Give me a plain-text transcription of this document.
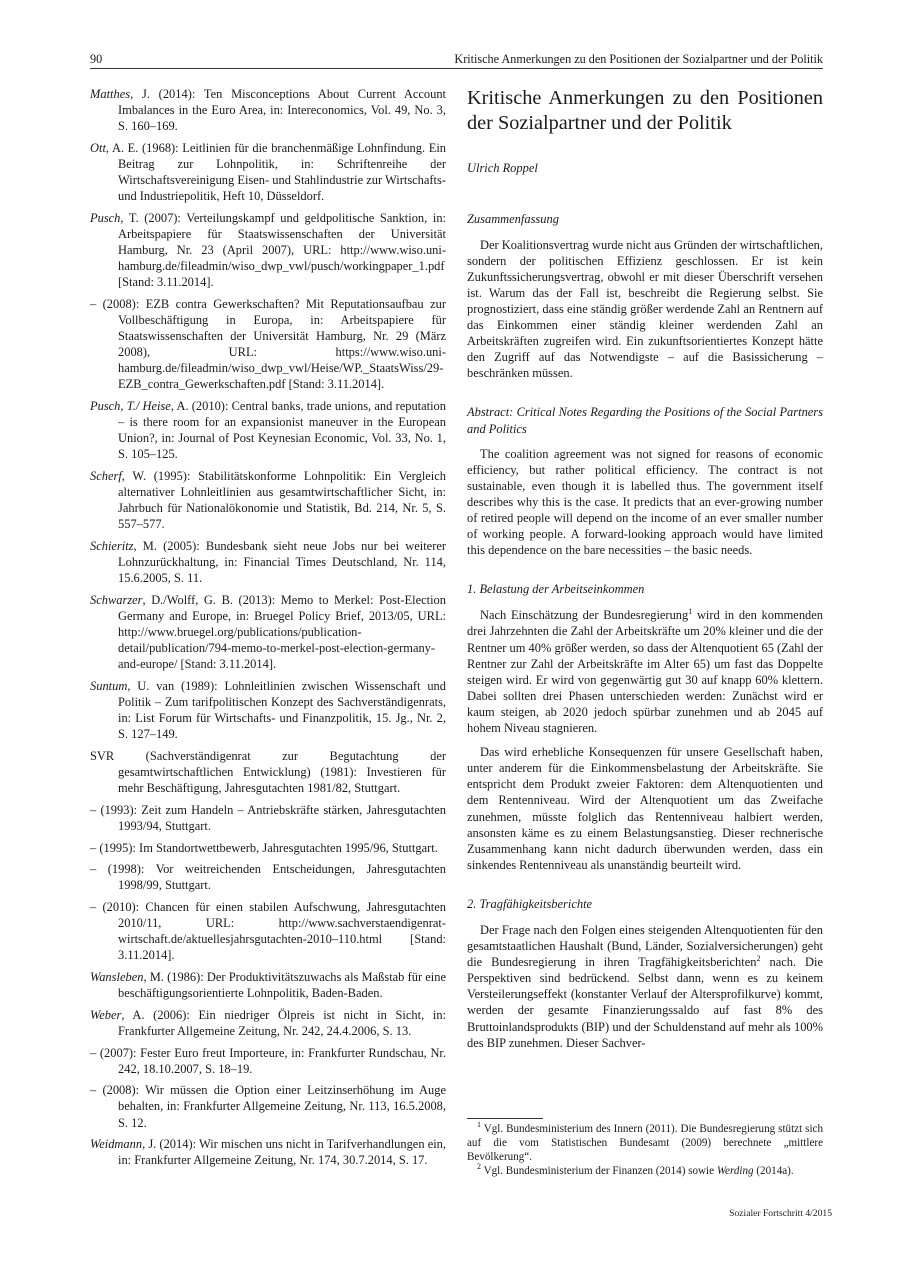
90	Kritische Anmerkungen zu den Positionen der Sozialpartner und der Politik
Matthes, J. (2014): Ten Misconceptions About Current Account Imbalances in the Euro Area, in: Intereconomics, Vol. 49, No. 3, S. 160–169.
Ott, A. E. (1968): Leitlinien für die branchenmäßige Lohnfindung. Ein Beitrag zur Lohnpolitik, in: Schriftenreihe der Wirtschaftsvereinigung Eisen- und Stahlindustrie zur Wirtschafts- und Industriepolitik, Heft 10, Düsseldorf.
Pusch, T. (2007): Verteilungskampf und geldpolitische Sanktion, in: Arbeitspapiere für Staatswissenschaften der Universität Hamburg, Nr. 23 (April 2007), URL: http://www.wiso.uni-hamburg.de/fileadmin/wiso_dwp_vwl/pusch/workingpaper_1.pdf [Stand: 3.11.2014].
– (2008): EZB contra Gewerkschaften? Mit Reputationsaufbau zur Vollbeschäftigung in Europa, in: Arbeitspapiere für Staatswissenschaften der Universität Hamburg, Nr. 29 (März 2008), URL: https://www.wiso.uni-hamburg.de/fileadmin/wiso_dwp_vwl/Heise/WP._StaatsWiss/29-EZB_contra_Gewerkschaften.pdf [Stand: 3.11.2014].
Pusch, T./ Heise, A. (2010): Central banks, trade unions, and reputation – is there room for an expansionist maneuver in the European Union?, in: Journal of Post Keynesian Economic, Vol. 33, No. 1, S. 105–125.
Scherf, W. (1995): Stabilitätskonforme Lohnpolitik: Ein Vergleich alternativer Lohnleitlinien aus gesamtwirtschaftlicher Sicht, in: Jahrbuch für Nationalökonomie und Statistik, Bd. 214, Nr. 5, S. 557–577.
Schieritz, M. (2005): Bundesbank sieht neue Jobs nur bei weiterer Lohnzurückhaltung, in: Financial Times Deutschland, Nr. 114, 15.6.2005, S. 11.
Schwarzer, D./Wolff, G. B. (2013): Memo to Merkel: Post-Election Germany and Europe, in: Bruegel Policy Brief, 2013/05, URL: http://www.bruegel.org/publications/publication-detail/publication/794-memo-to-merkel-post-election-germany-and-europe/ [Stand: 3.11.2014].
Suntum, U. van (1989): Lohnleitlinien zwischen Wissenschaft und Politik – Zum tarifpolitischen Konzept des Sachverständigenrats, in: List Forum für Wirtschafts- und Finanzpolitik, 15. Jg., Nr. 2, S. 127–149.
SVR (Sachverständigenrat zur Begutachtung der gesamtwirtschaftlichen Entwicklung) (1981): Investieren für mehr Beschäftigung, Jahresgutachten 1981/82, Stuttgart.
– (1993): Zeit zum Handeln – Antriebskräfte stärken, Jahresgutachten 1993/94, Stuttgart.
– (1995): Im Standortwettbewerb, Jahresgutachten 1995/96, Stuttgart.
– (1998): Vor weitreichenden Entscheidungen, Jahresgutachten 1998/99, Stuttgart.
– (2010): Chancen für einen stabilen Aufschwung, Jahresgutachten 2010/11, URL: http://www.sachverstaendigenrat-wirtschaft.de/aktuellesjahrsgutachten-2010–110.html [Stand: 3.11.2014].
Wansleben, M. (1986): Der Produktivitätszuwachs als Maßstab für eine beschäftigungsorientierte Lohnpolitik, Baden-Baden.
Weber, A. (2006): Ein niedriger Ölpreis ist nicht in Sicht, in: Frankfurter Allgemeine Zeitung, Nr. 242, 24.4.2006, S. 13.
– (2007): Fester Euro freut Importeure, in: Frankfurter Rundschau, Nr. 242, 18.10.2007, S. 18–19.
– (2008): Wir müssen die Option einer Leitzinserhöhung im Auge behalten, in: Frankfurter Allgemeine Zeitung, Nr. 113, 16.5.2008, S. 12.
Weidmann, J. (2014): Wir mischen uns nicht in Tarifverhandlungen ein, in: Frankfurter Allgemeine Zeitung, Nr. 174, 30.7.2014, S. 17.
Kritische Anmerkungen zu den Positionen der Sozialpartner und der Politik
Ulrich Roppel
Zusammenfassung

Der Koalitionsvertrag wurde nicht aus Gründen der wirtschaftlichen, sondern der politischen Effizienz geschlossen. Er ist kein Zukunftssicherungsvertrag, obwohl er mit dieser Überschrift versehen ist. Warum das der Fall ist, beschreibt die Regierung selbst. Sie prognostiziert, dass eine ständig größer werdende Zahl an Rentnern auf das Einkommen einer ständig kleiner werdenden Zahl an Arbeitskräften zugreifen wird. Ein zukunftsorientiertes Konzept hätte den Zugriff auf das Notwendigste – auf die Basissicherung – beschränken müssen.

Abstract: Critical Notes Regarding the Positions of the Social Partners and Politics

The coalition agreement was not signed for reasons of economic efficiency, but rather political efficiency. The contract is not sustainable, even though it is labelled thus. The government itself describes why this is the case. It predicts that an ever-growing number of retired people will depend on the income of an ever smaller number of working people. A forward-looking approach would have limited this dependence on the bare necessities – the basic needs.

1. Belastung der Arbeitseinkommen

Nach Einschätzung der Bundesregierung$^1$ wird in den kommenden drei Jahrzehnten die Zahl der Arbeitskräfte um 20% kleiner und die der Rentner um 40% größer werden, so dass der Altenquotient 65 (Zahl der Rentner zur Zahl der Arbeitskräfte im Alter 65) um fast das Doppelte steigen wird. Er wird von gegenwärtig gut 30 auf knapp 60% klettern. Dabei sollten drei Phasen unterschieden werden: Zunächst wird er kaum steigen, ab 2020 jedoch spürbar zunehmen und ab 2045 auf hohem Niveau stagnieren.

Das wird erhebliche Konsequenzen für unsere Gesellschaft haben, unter anderem für die Einkommensbelastung der Arbeitskräfte. Sie entspricht dem Produkt zweier Faktoren: dem Altenquotienten und dem Rentenniveau. Wird der Altenquotient um das Zweifache zunehmen, müsste folglich das Rentenniveau halbiert werden, ansonsten käme es zu einem Belastungsanstieg. Dieser rechnerische Zusammenhang kann nicht dadurch überwunden werden, dass ein sinkendes Rentenniveau als unanständig beurteilt wird.

2. Tragfähigkeitsberichte

Der Frage nach den Folgen eines steigenden Altenquotienten für den gesamtstaatlichen Haushalt (Bund, Länder, Sozialversicherungen) geht die Bundesregierung in ihren Tragfähigkeitsberichten$^2$ nach. Die Perspektiven sind bedrückend. Selbst dann, wenn es zu keinem Versteilerungseffekt (konstanter Verlauf der Altersprofilkurve) kommt, werden der gesamte Finanzierungssaldo auf fast 8% des Bruttoinlandsprodukts (BIP) und der Schuldenstand auf mehr als 100% des BIP zunehmen. Dieser Sachver-

$^1$ Vgl. Bundesministerium des Innern (2011). Die Bundesregierung stützt sich auf die vom Statistischen Bundesamt (2009) berechnete „mittlere Bevölkerung“.

$^2$ Vgl. Bundesministerium der Finanzen (2014) sowie Werding (2014a).

Sozialer Fortschritt 4/2015
